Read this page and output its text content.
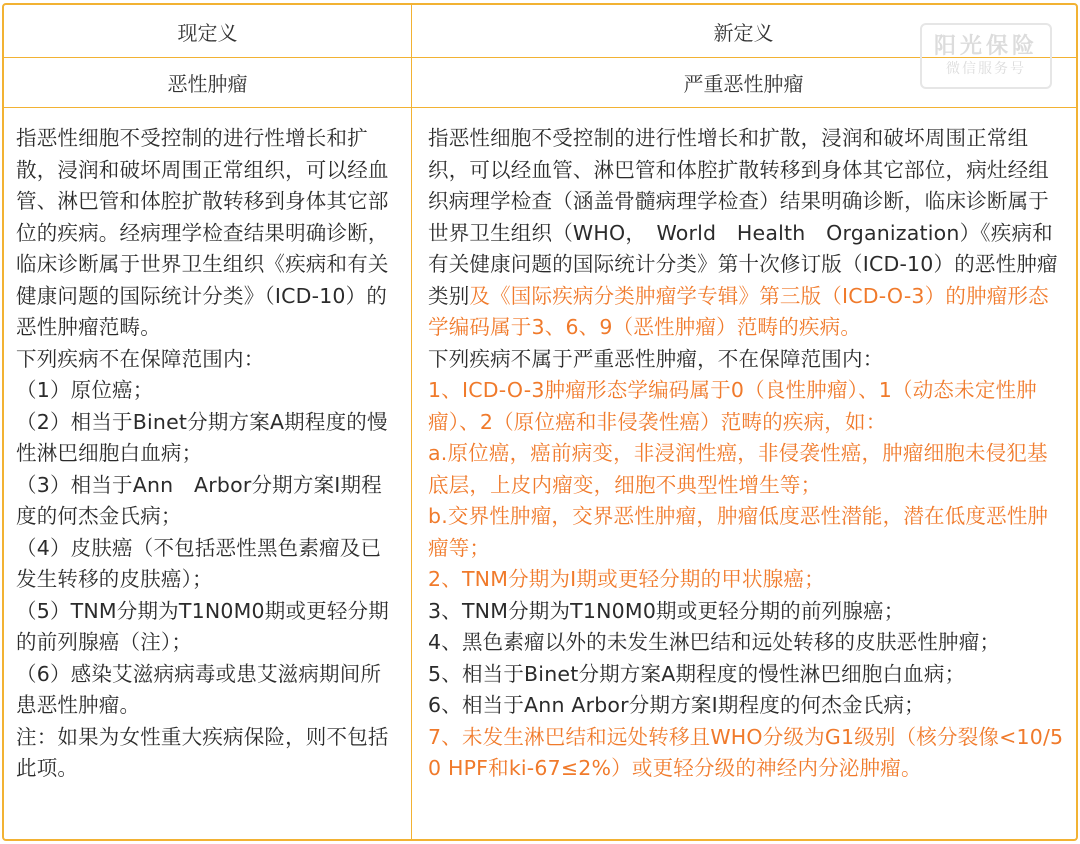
现定义	新定义
恶性肿瘤	严重恶性肿瘤
阳光保险
微信服务号

指恶性细胞不受控制的进行性增长和扩散，浸润和破坏周围正常组织，可以经血管、淋巴管和体腔扩散转移到身体其它部位的疾病。经病理学检查结果明确诊断，临床诊断属于世界卫生组织《疾病和有关健康问题的国际统计分类》（ICD-10）的恶性肿瘤范畴。

下列疾病不在保障范围内：

（1）原位癌；

（2）相当于Binet分期方案A期程度的慢性淋巴细胞白血病；

（3）相当于Ann　Arbor分期方案Ⅰ期程度的何杰金氏病；

（4）皮肤癌（不包括恶性黑色素瘤及已发生转移的皮肤癌）；

（5）TNM分期为T1N0M0期或更轻分期的前列腺癌（注）；

（6）感染艾滋病病毒或患艾滋病期间所患恶性肿瘤。

注：如果为女性重大疾病保险，则不包括此项。

指恶性细胞不受控制的进行性增长和扩散，浸润和破坏周围正常组织，可以经血管、淋巴管和体腔扩散转移到身体其它部位，病灶经组织病理学检查（涵盖骨髓病理学检查）结果明确诊断，临床诊断属于世界卫生组织（WHO，　World　Health　Organization）《疾病和有关健康问题的国际统计分类》第十次修订版（ICD-10）的恶性肿瘤类别及《国际疾病分类肿瘤学专辑》第三版（ICD-O-3）的肿瘤形态学编码属于3、6、9（恶性肿瘤）范畴的疾病。

下列疾病不属于严重恶性肿瘤，不在保障范围内：

1、ICD-O-3肿瘤形态学编码属于0（良性肿瘤）、1（动态未定性肿瘤）、2（原位癌和非侵袭性癌）范畴的疾病，如：

a.原位癌，癌前病变，非浸润性癌，非侵袭性癌，肿瘤细胞未侵犯基底层，上皮内瘤变，细胞不典型性增生等；

b.交界性肿瘤，交界恶性肿瘤，肿瘤低度恶性潜能，潜在低度恶性肿瘤等；

2、TNM分期为Ⅰ期或更轻分期的甲状腺癌；

3、TNM分期为T1N0M0期或更轻分期的前列腺癌；

4、黑色素瘤以外的未发生淋巴结和远处转移的皮肤恶性肿瘤；

5、相当于Binet分期方案A期程度的慢性淋巴细胞白血病；

6、相当于Ann Arbor分期方案Ⅰ期程度的何杰金氏病；

7、未发生淋巴结和远处转移且WHO分级为G1级别（核分裂像<10/50 HPF和ki-67≤2%）或更轻分级的神经内分泌肿瘤。
